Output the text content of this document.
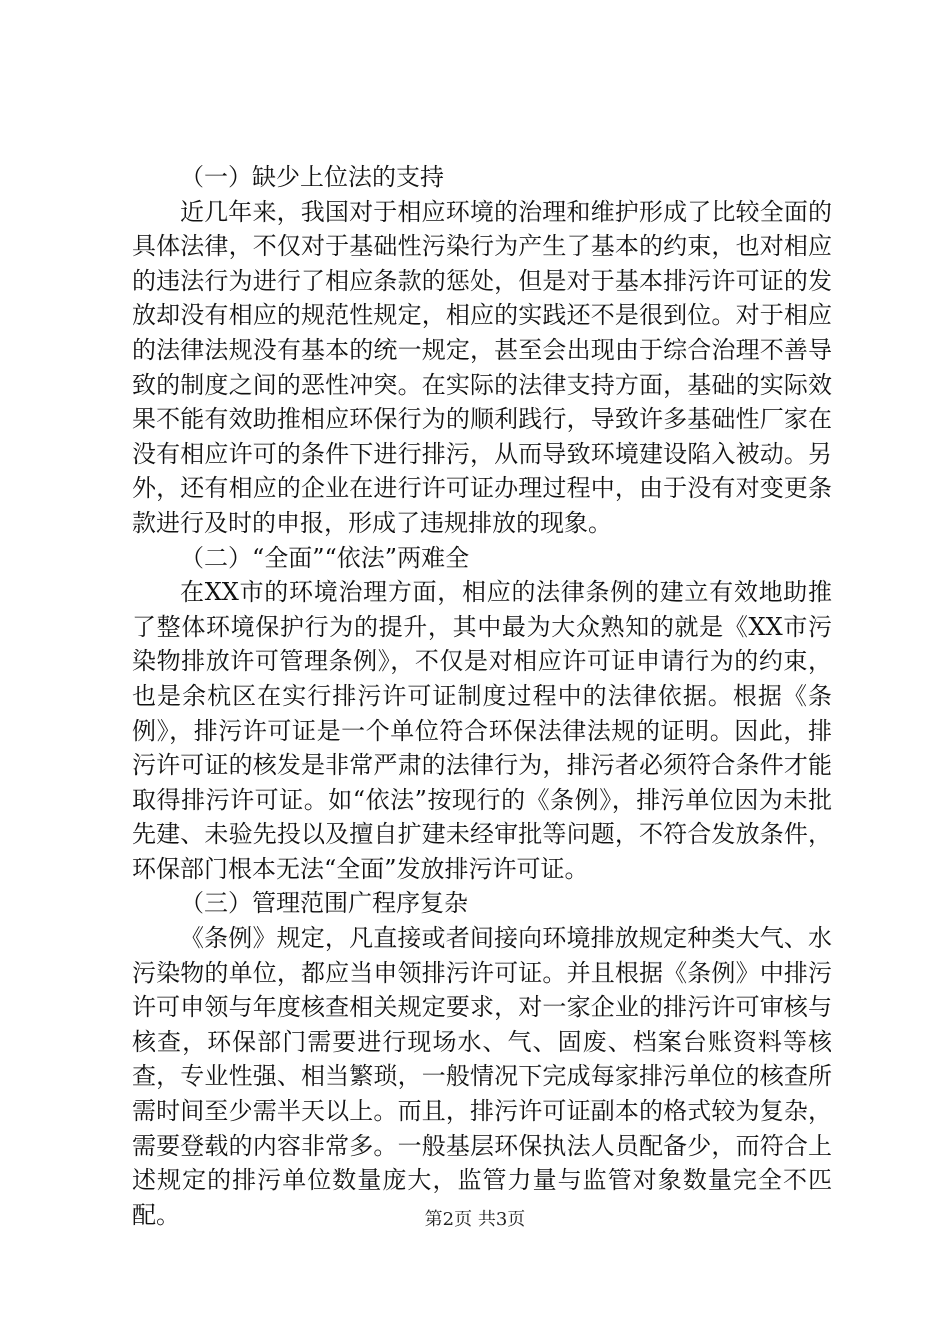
（一）缺少上位法的支持

近几年来，我国对于相应环境的治理和维护形成了比较全面的具体法律，不仅对于基础性污染行为产生了基本的约束，也对相应的违法行为进行了相应条款的惩处，但是对于基本排污许可证的发放却没有相应的规范性规定，相应的实践还不是很到位。对于相应的法律法规没有基本的统一规定，甚至会出现由于综合治理不善导致的制度之间的恶性冲突。在实际的法律支持方面，基础的实际效果不能有效助推相应环保行为的顺利践行，导致许多基础性厂家在没有相应许可的条件下进行排污，从而导致环境建设陷入被动。另外，还有相应的企业在进行许可证办理过程中，由于没有对变更条款进行及时的申报，形成了违规排放的现象。

（二）“全面”“依法”两难全

在XX市的环境治理方面，相应的法律条例的建立有效地助推了整体环境保护行为的提升，其中最为大众熟知的就是《XX市污染物排放许可管理条例》，不仅是对相应许可证申请行为的约束，也是余杭区在实行排污许可证制度过程中的法律依据。根据《条例》，排污许可证是一个单位符合环保法律法规的证明。因此，排污许可证的核发是非常严肃的法律行为，排污者必须符合条件才能取得排污许可证。如“依法”按现行的《条例》，排污单位因为未批先建、未验先投以及擅自扩建未经审批等问题，不符合发放条件，环保部门根本无法“全面”发放排污许可证。

（三）管理范围广程序复杂

《条例》规定，凡直接或者间接向环境排放规定种类大气、水污染物的单位，都应当申领排污许可证。并且根据《条例》中排污许可申领与年度核查相关规定要求，对一家企业的排污许可审核与核查，环保部门需要进行现场水、气、固废、档案台账资料等核查，专业性强、相当繁琐，一般情况下完成每家排污单位的核查所需时间至少需半天以上。而且，排污许可证副本的格式较为复杂，需要登载的内容非常多。一般基层环保执法人员配备少，而符合上述规定的排污单位数量庞大，监管力量与监管对象数量完全不匹配。	第2页 共3页
